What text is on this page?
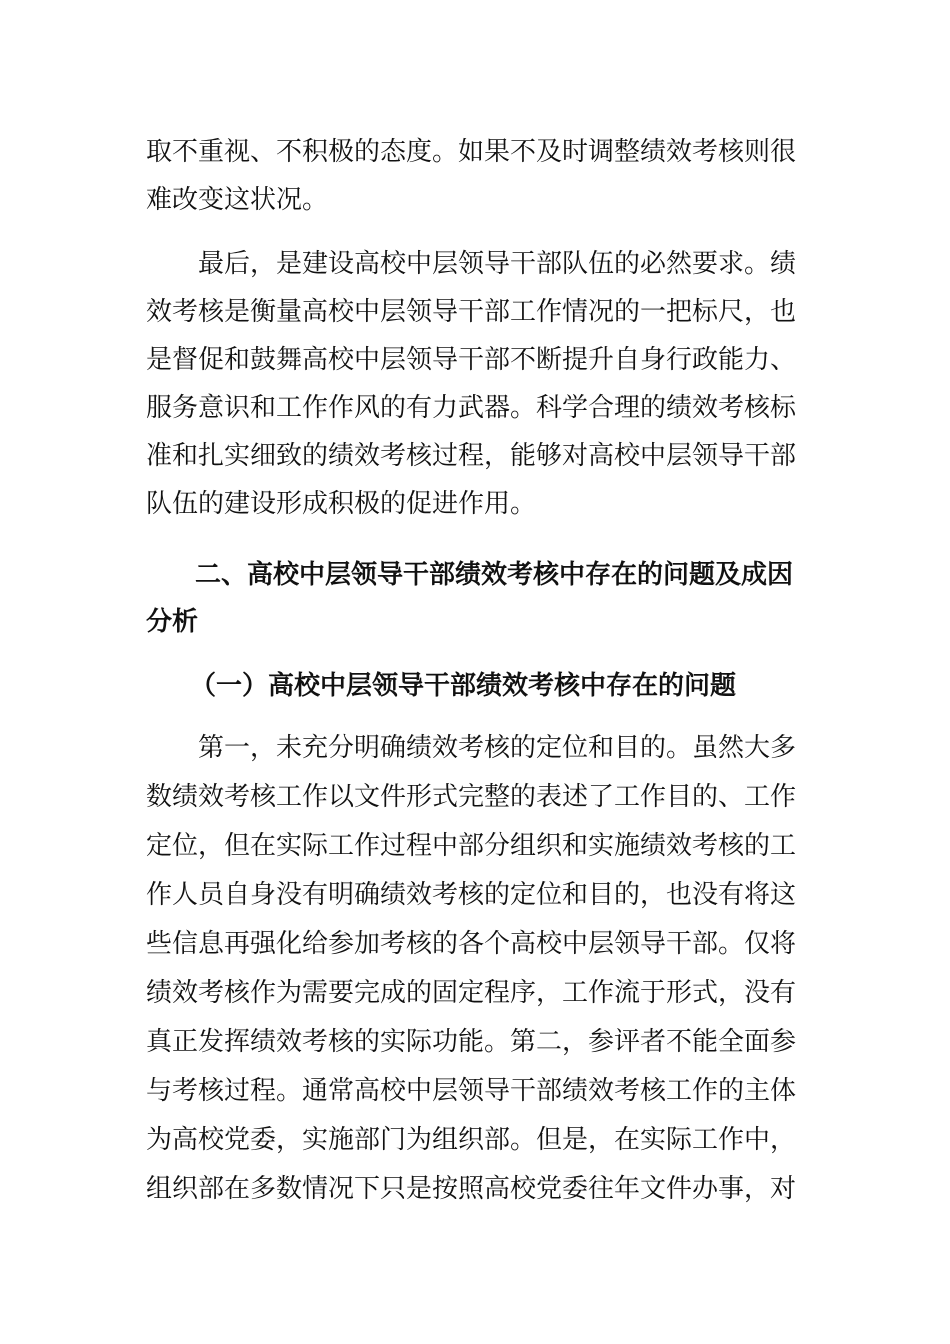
取不重视、不积极的态度。如果不及时调整绩效考核则很

难改变这状况。

最后，是建设高校中层领导干部队伍的必然要求。绩

效考核是衡量高校中层领导干部工作情况的一把标尺，也

是督促和鼓舞高校中层领导干部不断提升自身行政能力、

服务意识和工作作风的有力武器。科学合理的绩效考核标

准和扎实细致的绩效考核过程，能够对高校中层领导干部

队伍的建设形成积极的促进作用。

二、高校中层领导干部绩效考核中存在的问题及成因

分析

（一）高校中层领导干部绩效考核中存在的问题

第一，未充分明确绩效考核的定位和目的。虽然大多

数绩效考核工作以文件形式完整的表述了工作目的、工作

定位，但在实际工作过程中部分组织和实施绩效考核的工

作人员自身没有明确绩效考核的定位和目的，也没有将这

些信息再强化给参加考核的各个高校中层领导干部。仅将

绩效考核作为需要完成的固定程序，工作流于形式，没有

真正发挥绩效考核的实际功能。第二，参评者不能全面参

与考核过程。通常高校中层领导干部绩效考核工作的主体

为高校党委，实施部门为组织部。但是，在实际工作中，

组织部在多数情况下只是按照高校党委往年文件办事，对
